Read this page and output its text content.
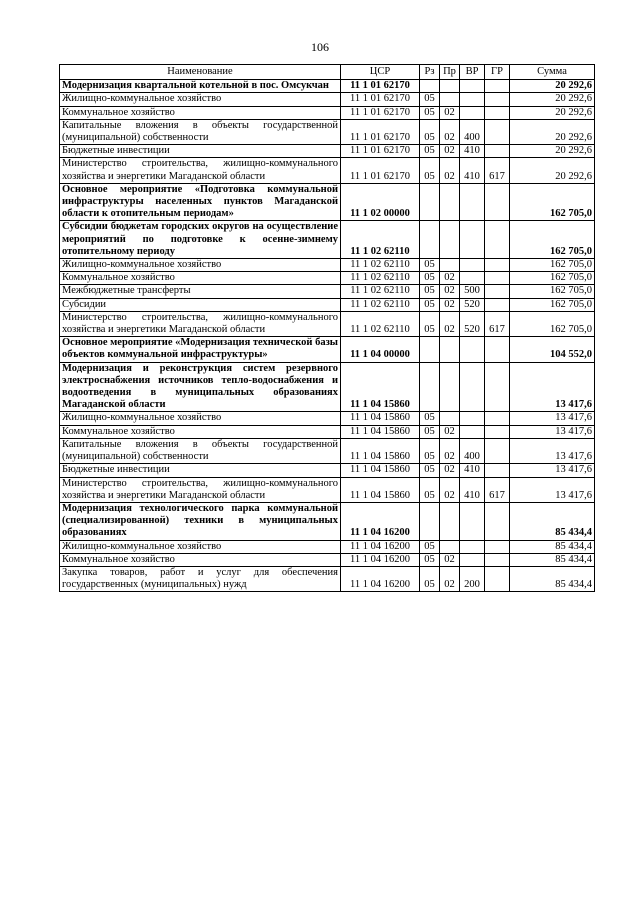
106
Наименование	ЦСР	Рз	Пр	ВР	ГР	Сумма
Модернизация квартальной котельной в пос. Омсукчан	11 1 01 62170					20 292,6
Жилищно-коммунальное хозяйство	11 1 01 62170	05				20 292,6
Коммунальное хозяйство	11 1 01 62170	05	02			20 292,6
Капитальные вложения в объекты государственной (муниципальной) собственности	11 1 01 62170	05	02	400		20 292,6
Бюджетные инвестиции	11 1 01 62170	05	02	410		20 292,6
Министерство строительства, жилищно-коммунального хозяйства и энергетики Магаданской области	11 1 01 62170	05	02	410	617	20 292,6
Основное мероприятие «Подготовка коммунальной инфраструктуры населенных пунктов Магаданской области к отопительным периодам»	11 1 02 00000					162 705,0
Субсидии бюджетам городских округов на осуществление мероприятий по подготовке к осенне-зимнему отопительному периоду	11 1 02 62110					162 705,0
Жилищно-коммунальное хозяйство	11 1 02 62110	05				162 705,0
Коммунальное хозяйство	11 1 02 62110	05	02			162 705,0
Межбюджетные трансферты	11 1 02 62110	05	02	500		162 705,0
Субсидии	11 1 02 62110	05	02	520		162 705,0
Министерство строительства, жилищно-коммунального хозяйства и энергетики Магаданской области	11 1 02 62110	05	02	520	617	162 705,0
Основное мероприятие «Модернизация технической базы объектов коммунальной инфраструктуры»	11 1 04 00000					104 552,0
Модернизация и реконструкция систем резервного электроснабжения источников тепло-водоснабжения и водоотведения в муниципальных образованиях Магаданской области	11 1 04 15860					13 417,6
Жилищно-коммунальное хозяйство	11 1 04 15860	05				13 417,6
Коммунальное хозяйство	11 1 04 15860	05	02			13 417,6
Капитальные вложения в объекты государственной (муниципальной) собственности	11 1 04 15860	05	02	400		13 417,6
Бюджетные инвестиции	11 1 04 15860	05	02	410		13 417,6
Министерство строительства, жилищно-коммунального хозяйства и энергетики Магаданской области	11 1 04 15860	05	02	410	617	13 417,6
Модернизация технологического парка коммунальной (специализированной) техники в муниципальных образованиях	11 1 04 16200					85 434,4
Жилищно-коммунальное хозяйство	11 1 04 16200	05				85 434,4
Коммунальное хозяйство	11 1 04 16200	05	02			85 434,4
Закупка товаров, работ и услуг для обеспечения государственных (муниципальных) нужд	11 1 04 16200	05	02	200		85 434,4
